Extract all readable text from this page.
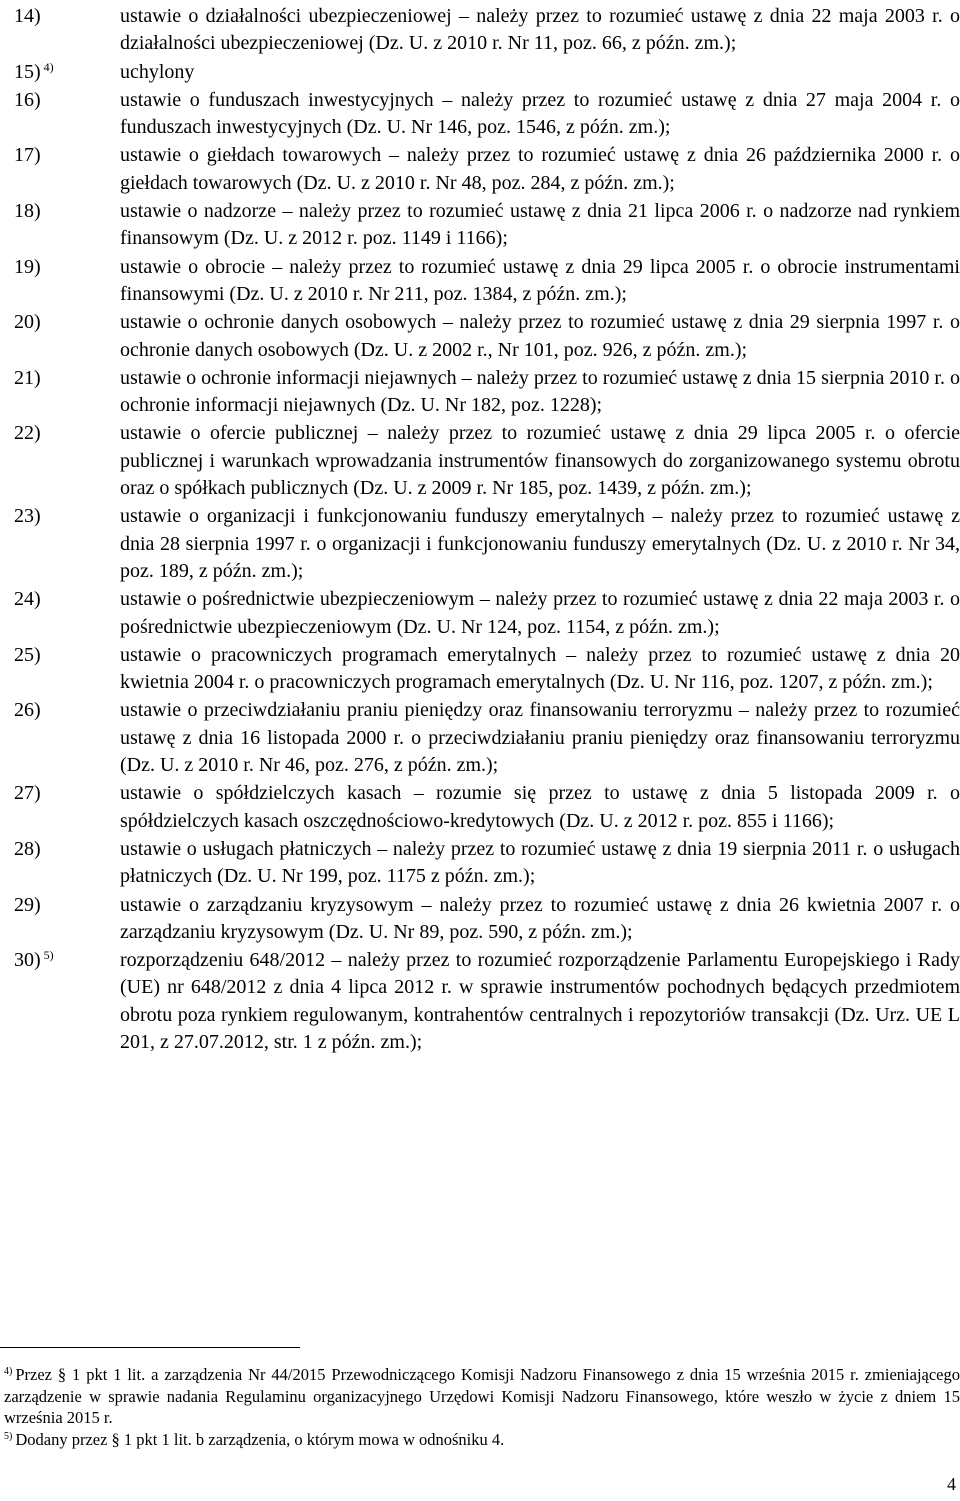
14)	ustawie o działalności ubezpieczeniowej – należy przez to rozumieć ustawę z dnia 22 maja 2003 r. o działalności ubezpieczeniowej (Dz. U. z 2010 r. Nr 11, poz. 66, z późn. zm.);
15) $^{4)}$	uchylony
16)	ustawie o funduszach inwestycyjnych – należy przez to rozumieć ustawę z dnia 27 maja 2004 r. o funduszach inwestycyjnych (Dz. U. Nr 146, poz. 1546, z późn. zm.);
17)	ustawie o giełdach towarowych – należy przez to rozumieć ustawę z dnia 26 października 2000 r. o giełdach towarowych (Dz. U. z 2010 r. Nr 48, poz. 284, z późn. zm.);
18)	ustawie o nadzorze – należy przez to rozumieć ustawę z dnia 21 lipca 2006 r. o nadzorze nad rynkiem finansowym (Dz. U. z 2012 r. poz. 1149 i 1166);
19)	ustawie o obrocie – należy przez to rozumieć ustawę z dnia 29 lipca 2005 r. o obrocie instrumentami finansowymi (Dz. U. z 2010 r. Nr 211, poz. 1384, z późn. zm.);
20)	ustawie o ochronie danych osobowych – należy przez to rozumieć ustawę z dnia 29 sierpnia 1997 r. o ochronie danych osobowych (Dz. U. z 2002 r., Nr 101, poz. 926, z późn. zm.);
21)	ustawie o ochronie informacji niejawnych – należy przez to rozumieć ustawę z dnia 15 sierpnia 2010 r. o ochronie informacji niejawnych (Dz. U. Nr 182, poz. 1228);
22)	ustawie o ofercie publicznej – należy przez to rozumieć ustawę z dnia 29 lipca 2005 r. o ofercie publicznej i warunkach wprowadzania instrumentów finansowych do zorganizowanego systemu obrotu oraz o spółkach publicznych (Dz. U. z 2009 r. Nr 185, poz. 1439, z późn. zm.);
23)	ustawie o organizacji i funkcjonowaniu funduszy emerytalnych – należy przez to rozumieć ustawę z dnia 28 sierpnia 1997 r. o organizacji i funkcjonowaniu funduszy emerytalnych (Dz. U. z 2010 r. Nr 34, poz. 189, z późn. zm.);
24)	ustawie o pośrednictwie ubezpieczeniowym – należy przez to rozumieć ustawę z dnia 22 maja 2003 r. o pośrednictwie ubezpieczeniowym (Dz. U. Nr 124, poz. 1154, z późn. zm.);
25)	ustawie o pracowniczych programach emerytalnych – należy przez to rozumieć ustawę z dnia 20 kwietnia 2004 r. o pracowniczych programach emerytalnych (Dz. U. Nr 116, poz. 1207, z późn. zm.);
26)	ustawie o przeciwdziałaniu praniu pieniędzy oraz finansowaniu terroryzmu – należy przez to rozumieć ustawę z dnia 16 listopada 2000 r. o przeciwdziałaniu praniu pieniędzy oraz finansowaniu terroryzmu (Dz. U. z 2010 r. Nr 46, poz. 276, z późn. zm.);
27)	ustawie o spółdzielczych kasach – rozumie się przez to ustawę z dnia 5 listopada 2009 r. o spółdzielczych kasach oszczędnościowo-kredytowych (Dz. U. z 2012 r. poz. 855 i 1166);
28)	ustawie o usługach płatniczych – należy przez to rozumieć ustawę z dnia 19 sierpnia 2011 r. o usługach płatniczych (Dz. U. Nr 199, poz. 1175 z późn. zm.);
29)	ustawie o zarządzaniu kryzysowym – należy przez to rozumieć ustawę z dnia 26 kwietnia 2007 r. o zarządzaniu kryzysowym (Dz. U. Nr 89, poz. 590, z późn. zm.);
30) $^{5)}$	rozporządzeniu 648/2012 – należy przez to rozumieć rozporządzenie Parlamentu Europejskiego i Rady (UE) nr 648/2012 z dnia 4 lipca 2012 r. w sprawie instrumentów pochodnych będących przedmiotem obrotu poza rynkiem regulowanym, kontrahentów centralnych i repozytoriów transakcji (Dz. Urz. UE L 201, z 27.07.2012, str. 1 z późn. zm.);
$^{4)}$ Przez § 1 pkt 1 lit. a zarządzenia Nr 44/2015 Przewodniczącego Komisji Nadzoru Finansowego z dnia 15 września 2015 r. zmieniającego zarządzenie w sprawie nadania Regulaminu organizacyjnego Urzędowi Komisji Nadzoru Finansowego, które weszło w życie z dniem 15 września 2015 r.
$^{5)}$ Dodany przez § 1 pkt 1 lit. b zarządzenia, o którym mowa w odnośniku 4.
4
